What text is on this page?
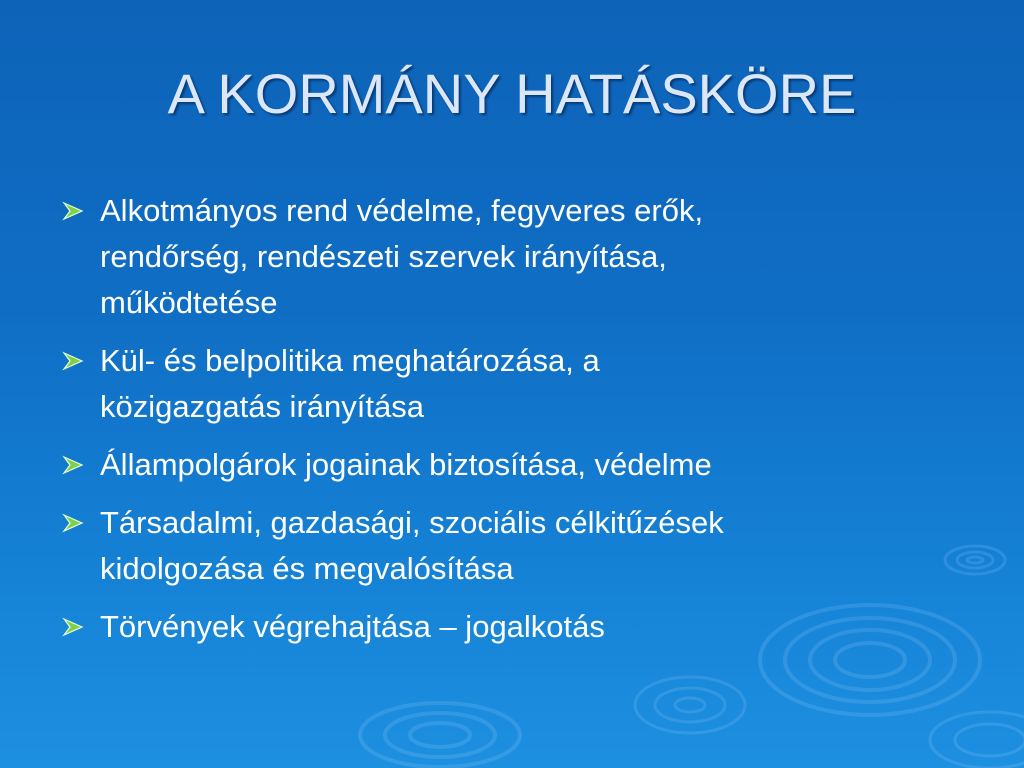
A KORMÁNY HATÁSKÖRE
Alkotmányos rend védelme, fegyveres erők,
rendőrség, rendészeti szervek irányítása,
működtetése
Kül- és belpolitika meghatározása, a
közigazgatás irányítása
Állampolgárok jogainak biztosítása, védelme
Társadalmi, gazdasági, szociális célkitűzések
kidolgozása és megvalósítása
Törvények végrehajtása – jogalkotás
